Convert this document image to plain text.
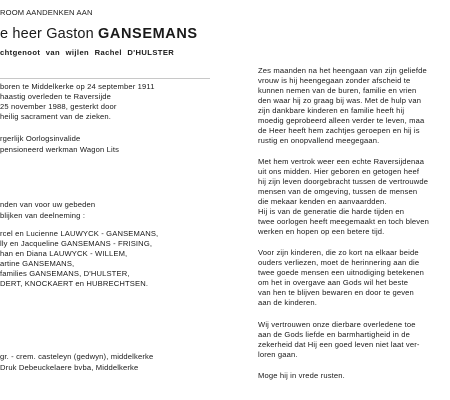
ROOM AANDENKEN AAN
e heer Gaston GANSEMANS
chtgenoot van wijlen Rachel D'HULSTER
boren te Middelkerke op 24 september 1911
haastig overleden te Raversijde
25 november 1988, gesterkt door
heilig sacrament van de zieken.
rgerlijk Oorlogsinvalide
pensioneerd werkman Wagon Lits
nden van voor uw gebeden
blijken van deelneming :
rcel en Lucienne LAUWYCK - GANSEMANS,
lly en Jacqueline GANSEMANS - FRISING,
han en Diana LAUWYCK - WILLEM,
artine GANSEMANS,
families GANSEMANS, D'HULSTER,
DERT, KNOCKAERT en HUBRECHTSEN.
gr. - crem. casteleyn (gedwyn), middelkerke
Druk Debeuckelaere bvba, Middelkerke
Zes maanden na het heengaan van zijn geliefde
vrouw is hij heengegaan zonder afscheid te
kunnen nemen van de buren, familie en vrien
den waar hij zo graag bij was. Met de hulp van
zijn dankbare kinderen en familie heeft hij
moedig geprobeerd alleen verder te leven, maa
de Heer heeft hem zachtjes geroepen en hij is
rustig en onopvallend meegegaan.
Met hem vertrok weer een echte Raversijdenaa
uit ons midden. Hier geboren en getogen heef
hij zijn leven doorgebracht tussen de vertrouwde
mensen van de omgeving, tussen de mensen
die mekaar kenden en aanvaardden.
Hij is van de generatie die harde tijden en
twee oorlogen heeft meegemaakt en toch bleven
werken en hopen op een betere tijd.
Voor zijn kinderen, die zo kort na elkaar beide
ouders verliezen, moet de herinnering aan die
twee goede mensen een uitnodiging betekenen
om het in overgave aan Gods wil het beste
van hen te blijven bewaren en door te geven
aan de kinderen.
Wij vertrouwen onze dierbare overledene toe
aan de Gods liefde en barmhartigheid in de
zekerheid dat Hij een goed leven niet laat ver-
loren gaan.
Moge hij in vrede rusten.
